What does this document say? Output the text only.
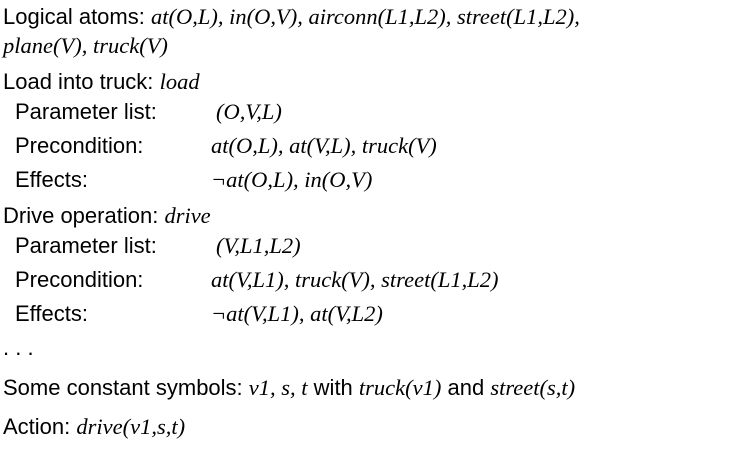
Logical atoms: at(O,L), in(O,V), airconn(L1,L2), street(L1,L2),
plane(V), truck(V)
Load into truck: load
Parameter list:	(O,V,L)
Precondition:	at(O,L), at(V,L), truck(V)
Effects:	¬at(O,L), in(O,V)
Drive operation: drive
Parameter list:	(V,L1,L2)
Precondition:	at(V,L1), truck(V), street(L1,L2)
Effects:	¬at(V,L1), at(V,L2)
. . .
Some constant symbols: v1, s, t with truck(v1) and street(s,t)
Action: drive(v1,s,t)
